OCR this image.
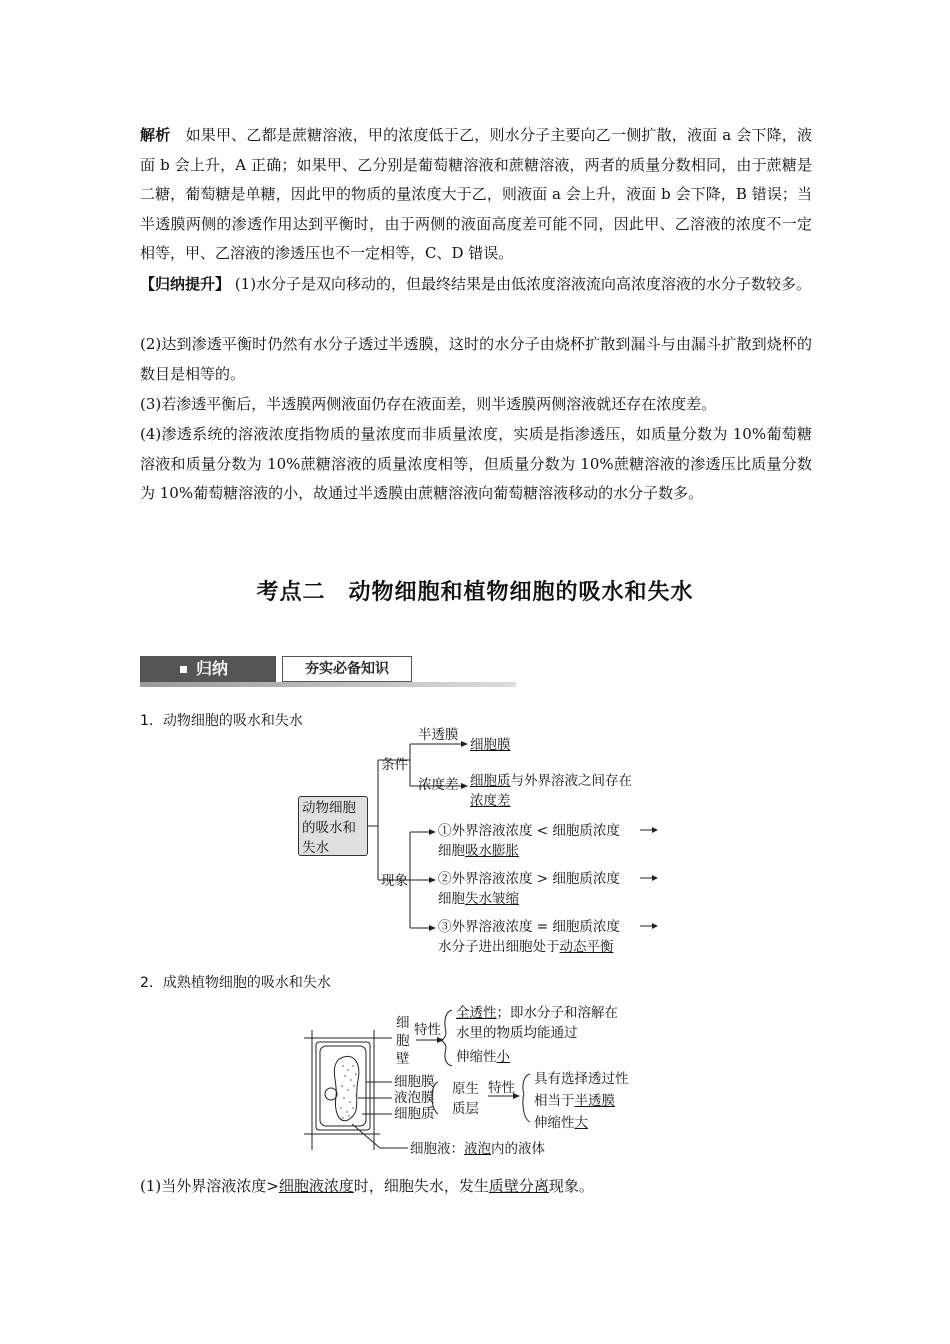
解析　 如果甲、乙都是蔗糖溶液，甲的浓度低于乙，则水分子主要向乙一侧扩散，液面 a 会下降，液面 b 会上升，A 正确；如果甲、乙分别是葡萄糖溶液和蔗糖溶液，两者的质量分数相同，由于蔗糖是二糖，葡萄糖是单糖，因此甲的物质的量浓度大于乙，则液面 a 会上升，液面 b 会下降，B 错误；当半透膜两侧的渗透作用达到平衡时，由于两侧的液面高度差可能不同，因此甲、乙溶液的浓度不一定相等，甲、乙溶液的渗透压也不一定相等，C、D 错误。

【归纳提升】 (1)水分子是双向移动的，但最终结果是由低浓度溶液流向高浓度溶液的水分子数较多。

(2)达到渗透平衡时仍然有水分子透过半透膜，这时的水分子由烧杯扩散到漏斗与由漏斗扩散到烧杯的数目是相等的。

(3)若渗透平衡后，半透膜两侧液面仍存在液面差，则半透膜两侧溶液就还存在浓度差。

(4)渗透系统的溶液浓度指物质的量浓度而非质量浓度，实质是指渗透压，如质量分数为 10%葡萄糖溶液和质量分数为 10%蔗糖溶液的质量浓度相等，但质量分数为 10%蔗糖溶液的渗透压比质量分数为 10%葡萄糖溶液的小，故通过半透膜由蔗糖溶液向葡萄糖溶液移动的水分子数多。

考点二　动物细胞和植物细胞的吸水和失水
归纳	夯实必备知识
1．动物细胞的吸水和失水
动物细胞
的吸水和
失水
条件
半透膜
细胞膜
浓度差 细胞质与外界溶液之间存在
浓度差
现象
①外界溶液浓度 < 细胞质浓度
细胞吸水膨胀
②外界溶液浓度 > 细胞质浓度
细胞失水皱缩
③外界溶液浓度 = 细胞质浓度
水分子进出细胞处于动态平衡
2．成熟植物细胞的吸水和失水
细
胞
壁
特性
全透性；即水分子和溶解在
水里的物质均能通过
伸缩性小
细胞膜
液泡膜
细胞质
原生
质层
特性
具有选择透过性
相当于半透膜
伸缩性大
细胞液：液泡内的液体

(1)当外界溶液浓度>细胞液浓度时，细胞失水，发生质壁分离现象。
